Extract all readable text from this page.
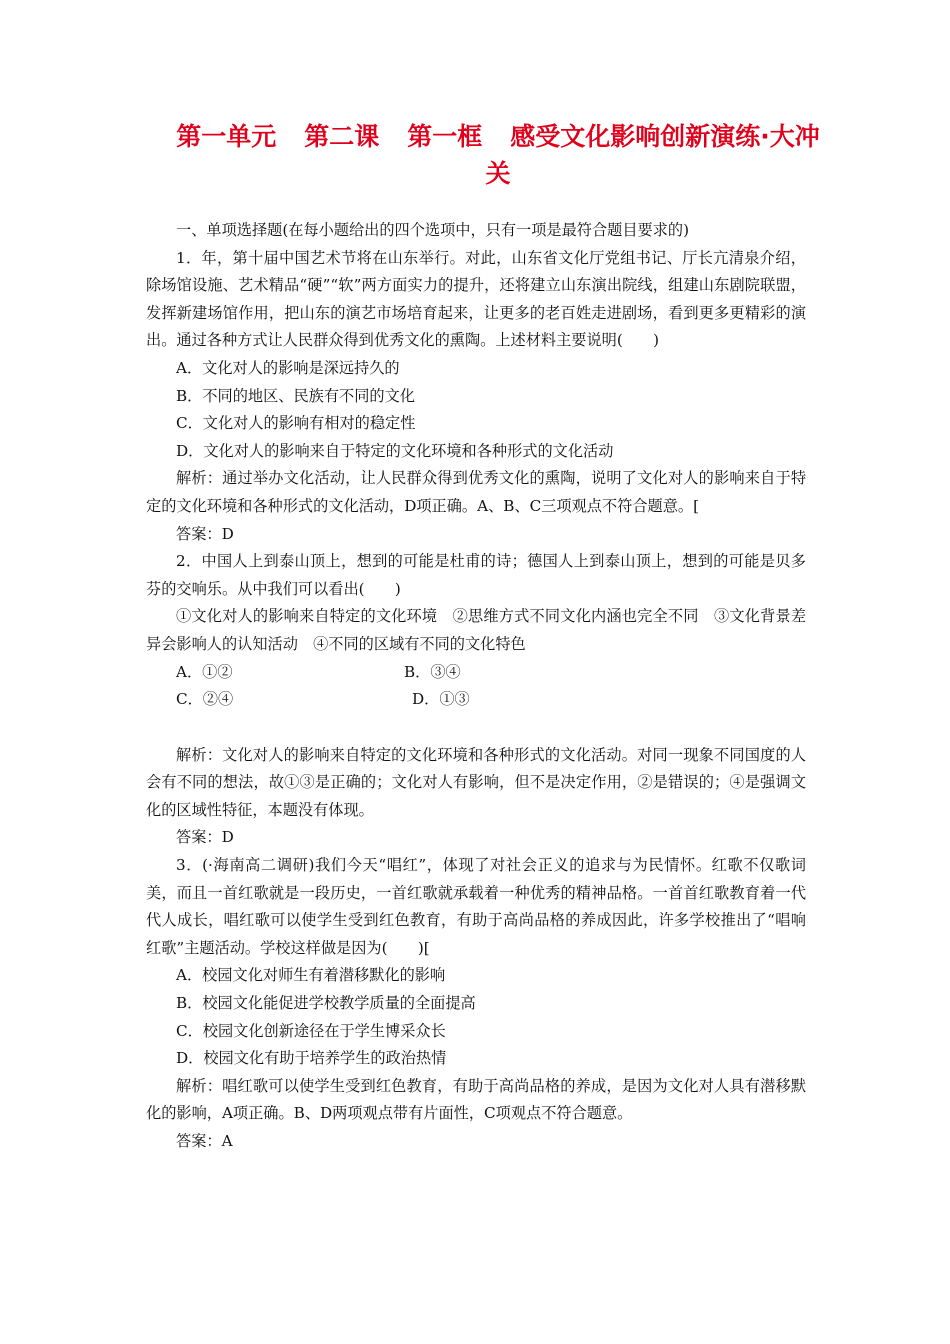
第一单元 第二课 第一框 感受文化影响创新演练·大冲
关

一、单项选择题(在每小题给出的四个选项中，只有一项是最符合题目要求的)

1．年，第十届中国艺术节将在山东举行。对此，山东省文化厅党组书记、厅长亢清泉介绍，除场馆设施、艺术精品“硬”“软”两方面实力的提升，还将建立山东演出院线，组建山东剧院联盟，发挥新建场馆作用，把山东的演艺市场培育起来，让更多的老百姓走进剧场，看到更多更精彩的演出。通过各种方式让人民群众得到优秀文化的熏陶。上述材料主要说明(　　)

A．文化对人的影响是深远持久的

B．不同的地区、民族有不同的文化

C．文化对人的影响有相对的稳定性

D．文化对人的影响来自于特定的文化环境和各种形式的文化活动

解析：通过举办文化活动，让人民群众得到优秀文化的熏陶，说明了文化对人的影响来自于特定的文化环境和各种形式的文化活动，D项正确。A、B、C三项观点不符合题意。[

答案：D

2．中国人上到泰山顶上，想到的可能是杜甫的诗；德国人上到泰山顶上，想到的可能是贝多芬的交响乐。从中我们可以看出(　　)

①文化对人的影响来自特定的文化环境　②思维方式不同文化内涵也完全不同　③文化背景差异会影响人的认知活动　④不同的区域有不同的文化特色

A．①②	B．③④
C．②④	D．①③

解析：文化对人的影响来自特定的文化环境和各种形式的文化活动。对同一现象不同国度的人会有不同的想法，故①③是正确的；文化对人有影响，但不是决定作用，②是错误的；④是强调文化的区域性特征，本题没有体现。

答案：D

3．(·海南高二调研)我们今天“唱红”，体现了对社会正义的追求与为民情怀。红歌不仅歌词美，而且一首红歌就是一段历史，一首红歌就承载着一种优秀的精神品格。一首首红歌教育着一代代人成长，唱红歌可以使学生受到红色教育，有助于高尚品格的养成因此，许多学校推出了“唱响红歌”主题活动。学校这样做是因为(　　)[

A．校园文化对师生有着潜移默化的影响

B．校园文化能促进学校教学质量的全面提高

C．校园文化创新途径在于学生博采众长

D．校园文化有助于培养学生的政治热情

解析：唱红歌可以使学生受到红色教育，有助于高尚品格的养成，是因为文化对人具有潜移默化的影响，A项正确。B、D两项观点带有片面性，C项观点不符合题意。

答案：A
